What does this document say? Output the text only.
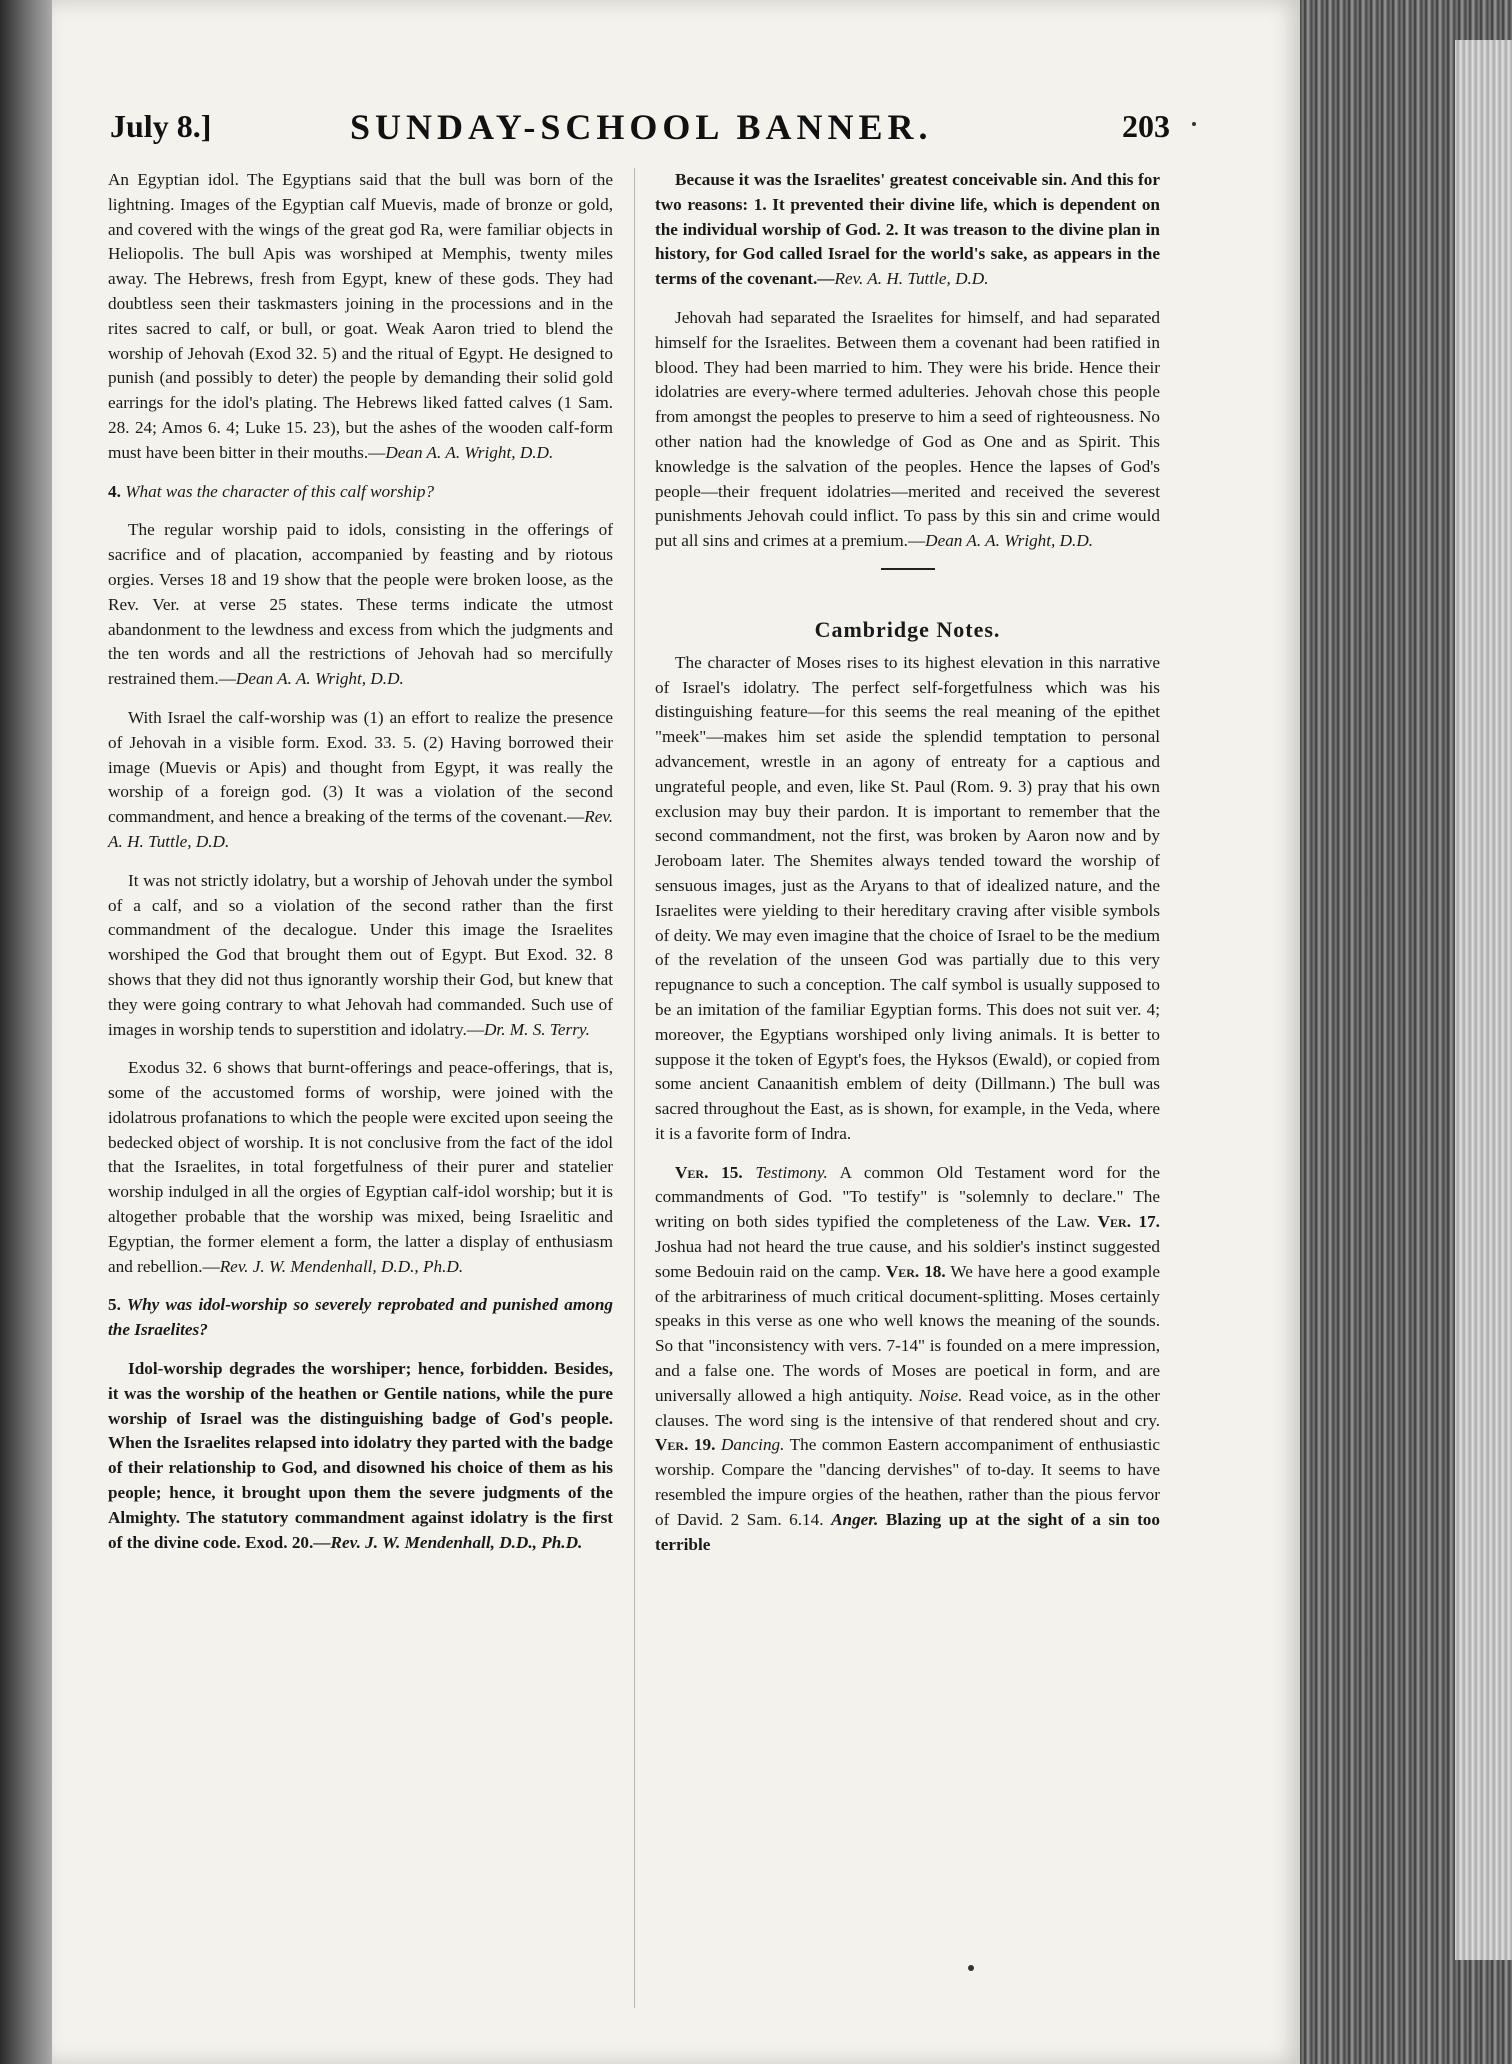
July 8.]	SUNDAY-SCHOOL BANNER.	203

An Egyptian idol. The Egyptians said that the bull was born of the lightning. Images of the Egyptian calf Muevis, made of bronze or gold, and covered with the wings of the great god Ra, were familiar objects in Heliopolis. The bull Apis was worshiped at Memphis, twenty miles away. The Hebrews, fresh from Egypt, knew of these gods. They had doubtless seen their taskmasters joining in the processions and in the rites sacred to calf, or bull, or goat. Weak Aaron tried to blend the worship of Jehovah (Exod 32. 5) and the ritual of Egypt. He designed to punish (and possibly to deter) the people by demanding their solid gold earrings for the idol's plating. The Hebrews liked fatted calves (1 Sam. 28. 24; Amos 6. 4; Luke 15. 23), but the ashes of the wooden calf-form must have been bitter in their mouths.—Dean A. A. Wright, D.D.

4. What was the character of this calf worship?

The regular worship paid to idols, consisting in the offerings of sacrifice and of placation, accompanied by feasting and by riotous orgies. Verses 18 and 19 show that the people were broken loose, as the Rev. Ver. at verse 25 states. These terms indicate the utmost abandonment to the lewdness and excess from which the judgments and the ten words and all the restrictions of Jehovah had so mercifully restrained them.—Dean A. A. Wright, D.D.

With Israel the calf-worship was (1) an effort to realize the presence of Jehovah in a visible form. Exod. 33. 5. (2) Having borrowed their image (Muevis or Apis) and thought from Egypt, it was really the worship of a foreign god. (3) It was a violation of the second commandment, and hence a breaking of the terms of the covenant.—Rev. A. H. Tuttle, D.D.

It was not strictly idolatry, but a worship of Jehovah under the symbol of a calf, and so a violation of the second rather than the first commandment of the decalogue. Under this image the Israelites worshiped the God that brought them out of Egypt. But Exod. 32. 8 shows that they did not thus ignorantly worship their God, but knew that they were going contrary to what Jehovah had commanded. Such use of images in worship tends to superstition and idolatry.—Dr. M. S. Terry.

Exodus 32. 6 shows that burnt-offerings and peace-offerings, that is, some of the accustomed forms of worship, were joined with the idolatrous profanations to which the people were excited upon seeing the bedecked object of worship. It is not conclusive from the fact of the idol that the Israelites, in total forgetfulness of their purer and statelier worship indulged in all the orgies of Egyptian calf-idol worship; but it is altogether probable that the worship was mixed, being Israelitic and Egyptian, the former element a form, the latter a display of enthusiasm and rebellion.—Rev. J. W. Mendenhall, D.D., Ph.D.

5. Why was idol-worship so severely reprobated and punished among the Israelites?

Idol-worship degrades the worshiper; hence, forbidden. Besides, it was the worship of the heathen or Gentile nations, while the pure worship of Israel was the distinguishing badge of God's people. When the Israelites relapsed into idolatry they parted with the badge of their relationship to God, and disowned his choice of them as his people; hence, it brought upon them the severe judgments of the Almighty. The statutory commandment against idolatry is the first of the divine code. Exod. 20.—Rev. J. W. Mendenhall, D.D., Ph.D.

Because it was the Israelites' greatest conceivable sin. And this for two reasons: 1. It prevented their divine life, which is dependent on the individual worship of God. 2. It was treason to the divine plan in history, for God called Israel for the world's sake, as appears in the terms of the covenant.—Rev. A. H. Tuttle, D.D.

Jehovah had separated the Israelites for himself, and had separated himself for the Israelites. Between them a covenant had been ratified in blood. They had been married to him. They were his bride. Hence their idolatries are every-where termed adulteries. Jehovah chose this people from amongst the peoples to preserve to him a seed of righteousness. No other nation had the knowledge of God as One and as Spirit. This knowledge is the salvation of the peoples. Hence the lapses of God's people—their frequent idolatries—merited and received the severest punishments Jehovah could inflict. To pass by this sin and crime would put all sins and crimes at a premium.—Dean A. A. Wright, D.D.

Cambridge Notes.

The character of Moses rises to its highest elevation in this narrative of Israel's idolatry. The perfect self-forgetfulness which was his distinguishing feature—for this seems the real meaning of the epithet "meek"—makes him set aside the splendid temptation to personal advancement, wrestle in an agony of entreaty for a captious and ungrateful people, and even, like St. Paul (Rom. 9. 3) pray that his own exclusion may buy their pardon. It is important to remember that the second commandment, not the first, was broken by Aaron now and by Jeroboam later. The Shemites always tended toward the worship of sensuous images, just as the Aryans to that of idealized nature, and the Israelites were yielding to their hereditary craving after visible symbols of deity. We may even imagine that the choice of Israel to be the medium of the revelation of the unseen God was partially due to this very repugnance to such a conception. The calf symbol is usually supposed to be an imitation of the familiar Egyptian forms. This does not suit ver. 4; moreover, the Egyptians worshiped only living animals. It is better to suppose it the token of Egypt's foes, the Hyksos (Ewald), or copied from some ancient Canaanitish emblem of deity (Dillmann.) The bull was sacred throughout the East, as is shown, for example, in the Veda, where it is a favorite form of Indra.

Ver. 15. Testimony. A common Old Testament word for the commandments of God. "To testify" is "solemnly to declare." The writing on both sides typified the completeness of the Law. Ver. 17. Joshua had not heard the true cause, and his soldier's instinct suggested some Bedouin raid on the camp. Ver. 18. We have here a good example of the arbitrariness of much critical document-splitting. Moses certainly speaks in this verse as one who well knows the meaning of the sounds. So that "inconsistency with vers. 7-14" is founded on a mere impression, and a false one. The words of Moses are poetical in form, and are universally allowed a high antiquity. Noise. Read voice, as in the other clauses. The word sing is the intensive of that rendered shout and cry. Ver. 19. Dancing. The common Eastern accompaniment of enthusiastic worship. Compare the "dancing dervishes" of to-day. It seems to have resembled the impure orgies of the heathen, rather than the pious fervor of David. 2 Sam. 6.14. Anger. Blazing up at the sight of a sin too terrible
